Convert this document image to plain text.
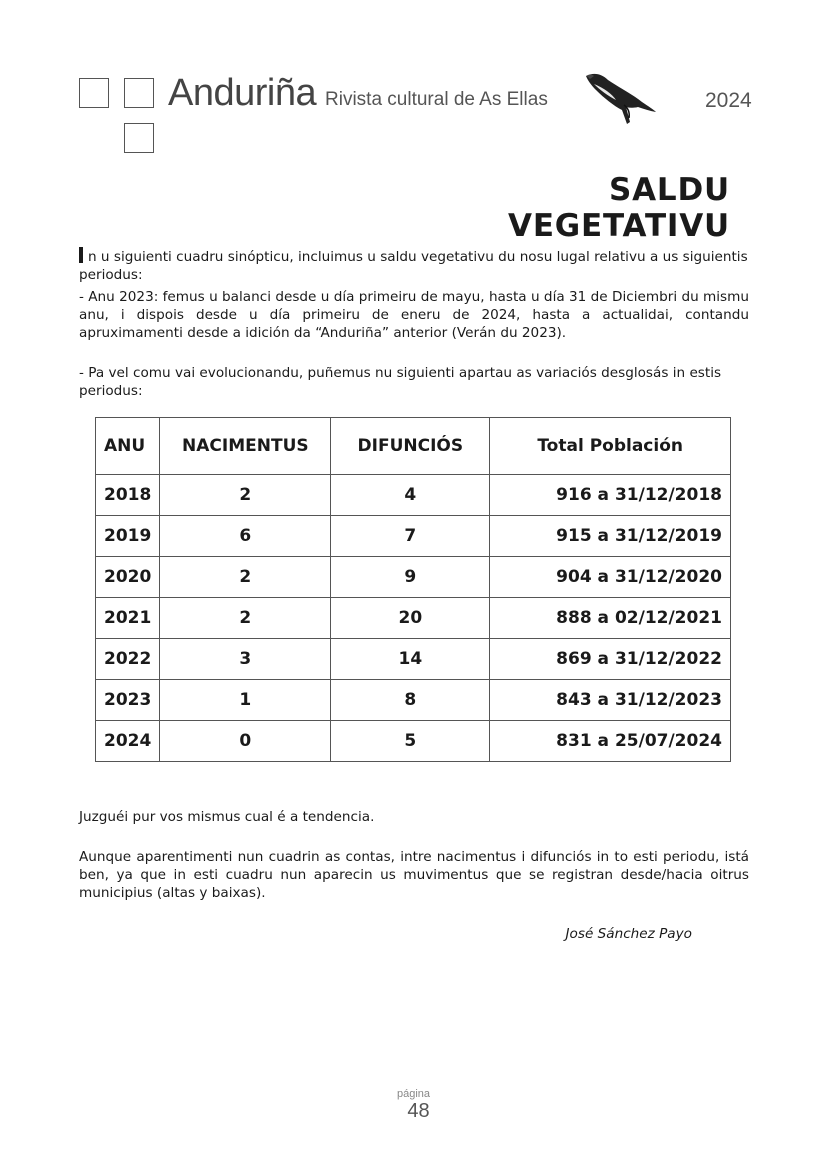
Anduriña Rivista cultural de As Ellas	2024
SALDU VEGETATIVU
n u siguienti cuadru sinópticu, incluimus u saldu vegetativu du nosu lugal relativu a us siguientis periodus:
- Anu 2023: femus u balanci desde u día primeiru de mayu, hasta u día 31 de Diciembri du mismu anu, i dispois desde u día primeiru de eneru de 2024, hasta a actualidai, contandu apruximamenti desde a idición da “Anduriña” anterior (Verán du 2023).
- Pa vel comu vai evolucionandu, puñemus nu siguienti apartau as variaciós desglosás in estis periodus:
ANU	NACIMENTUS	DIFUNCIÓS	Total Población
2018	2	4	916 a 31/12/2018
2019	6	7	915 a 31/12/2019
2020	2	9	904 a 31/12/2020
2021	2	20	888 a 02/12/2021
2022	3	14	869 a 31/12/2022
2023	1	8	843 a 31/12/2023
2024	0	5	831 a 25/07/2024
Juzguéi pur vos mismus cual é a tendencia.
Aunque aparentimenti nun cuadrin as contas, intre nacimentus i difunciós in to esti periodu, istá ben, ya que in esti cuadru nun aparecin us muvimentus que se registran desde/hacia oitrus municipius (altas y baixas).
José Sánchez Payo
página
48
